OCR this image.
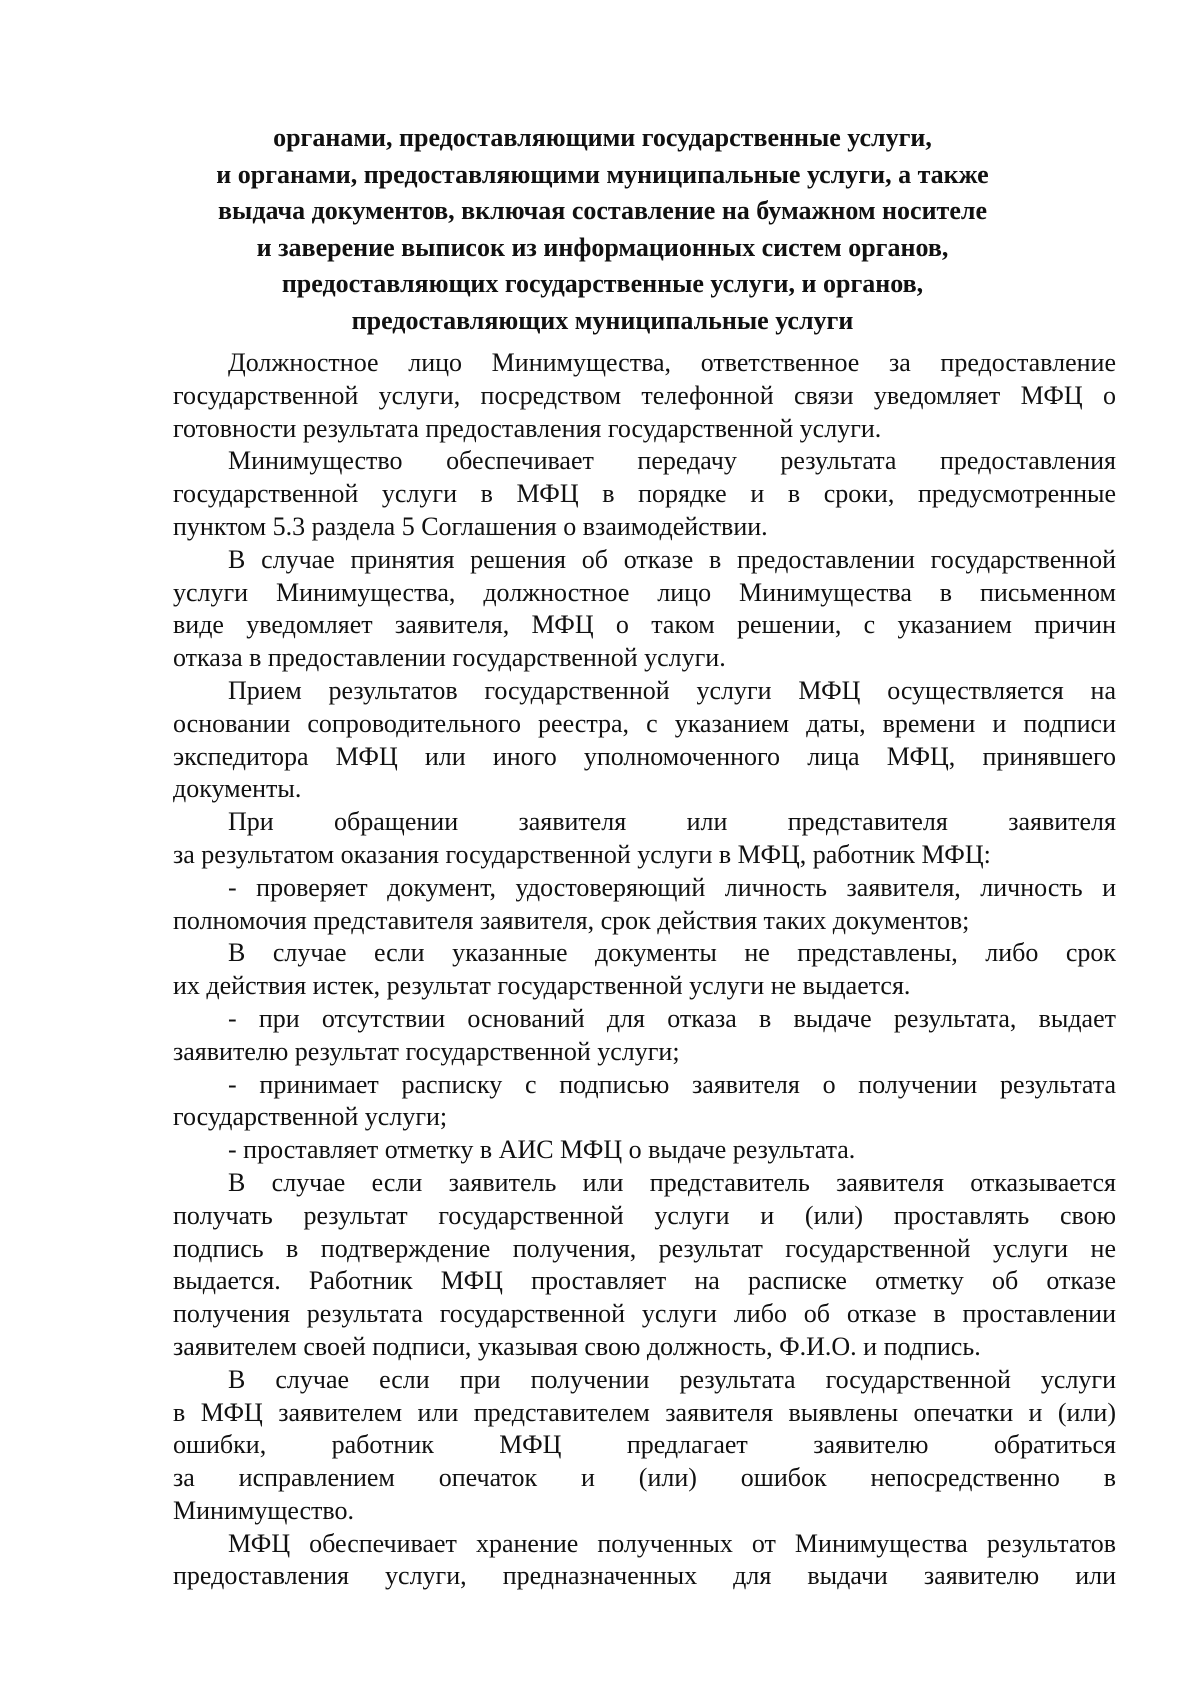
органами, предоставляющими государственные услуги,
и органами, предоставляющими муниципальные услуги, а также
выдача документов, включая составление на бумажном носителе
и заверение выписок из информационных систем органов,
предоставляющих государственные услуги, и органов,
предоставляющих муниципальные услуги
Должностное лицо Минимущества, ответственное за предоставление
государственной услуги, посредством телефонной связи уведомляет МФЦ о
готовности результата предоставления государственной услуги.
Минимущество обеспечивает передачу результата предоставления
государственной услуги в МФЦ в порядке и в сроки, предусмотренные
пунктом 5.3 раздела 5 Соглашения о взаимодействии.
В случае принятия решения об отказе в предоставлении государственной
услуги Минимущества, должностное лицо Минимущества в письменном
виде уведомляет заявителя, МФЦ о таком решении, с указанием причин
отказа в предоставлении государственной услуги.
Прием результатов государственной услуги МФЦ осуществляется на
основании сопроводительного реестра, с указанием даты, времени и подписи
экспедитора МФЦ или иного уполномоченного лица МФЦ, принявшего
документы.
При обращении заявителя или представителя заявителя
за результатом оказания государственной услуги в МФЦ, работник МФЦ:
- проверяет документ, удостоверяющий личность заявителя, личность и
полномочия представителя заявителя, срок действия таких документов;
В случае если указанные документы не представлены, либо срок
их действия истек, результат государственной услуги не выдается.
- при отсутствии оснований для отказа в выдаче результата, выдает
заявителю результат государственной услуги;
- принимает расписку с подписью заявителя о получении результата
государственной услуги;
- проставляет отметку в АИС МФЦ о выдаче результата.
В случае если заявитель или представитель заявителя отказывается
получать результат государственной услуги и (или) проставлять свою
подпись в подтверждение получения, результат государственной услуги не
выдается. Работник МФЦ проставляет на расписке отметку об отказе
получения результата государственной услуги либо об отказе в проставлении
заявителем своей подписи, указывая свою должность, Ф.И.О. и подпись.
В случае если при получении результата государственной услуги
в МФЦ заявителем или представителем заявителя выявлены опечатки и (или)
ошибки, работник МФЦ предлагает заявителю обратиться
за исправлением опечаток и (или) ошибок непосредственно в
Минимущество.
МФЦ обеспечивает хранение полученных от Минимущества результатов
предоставления услуги, предназначенных для выдачи заявителю или
